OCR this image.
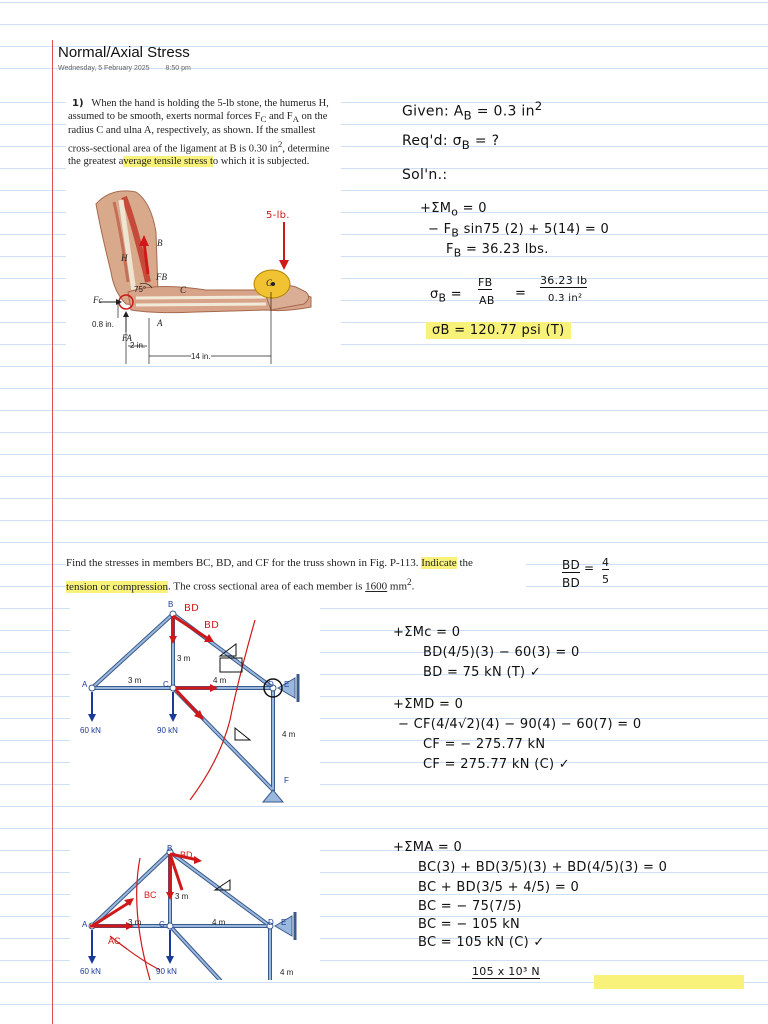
Normal/Axial Stress
Wednesday, 5 February 2025 8:50 pm
1) When the hand is holding the 5-lb stone, the humerus H, assumed to be smooth, exerts normal forces $F_C$ and $F_A$ on the radius C and ulna A, respectively, as shown. If the smallest cross-sectional area of the ligament at B is 0.30 $in^2$, determine the greatest average tensile stress to which it is subjected.
B
H
FB
75°	C
A
G
Fc
FA
0.8 in.
2 in.
14 in.
5-lb.
Given: $A_B = 0.3$ $in^2$
Req'd: $\sigma_B$ = ?
Sol'n.:
$+\Sigma M_o = 0$
− $F_B$ sin75 (2) + 5(14) = 0
$F_B = 36.23$ lbs.
$\sigma_B$ =
FB
AB =
36.23 lb
0.3 in²
σB = 120.77 psi (T)
Find the stresses in members BC, BD, and CF for the truss shown in Fig. P-113. Indicate the
tension or compression. The cross sectional area of each member is 1600 $mm^2$.
BD = 4
BD 5
B
A	C	D E
F
3 m
3 m
4 m
4 m
60 kN	90 kN
BD
BD	+ΣMc = 0
BD(4/5)(3) − 60(3) = 0
BD = 75 kN (T) ✓
+ΣMD = 0
− CF(4/4√2)(4) − 90(4) − 60(7) = 0
CF = − 275.77 kN
CF = 275.77 kN (C) ✓
B
A	C	D E
3 m
3 m
4 m
4 m
60 kN	90 kN
BD
BC
AC
+ΣMA = 0
BC(3) + BD(3/5)(3) + BD(4/5)(3) = 0
BC + BD(3/5 + 4/5) = 0
BC = − 75(7/5)
BC = − 105 kN
BC = 105 kN (C) ✓
105 x 10³ N
